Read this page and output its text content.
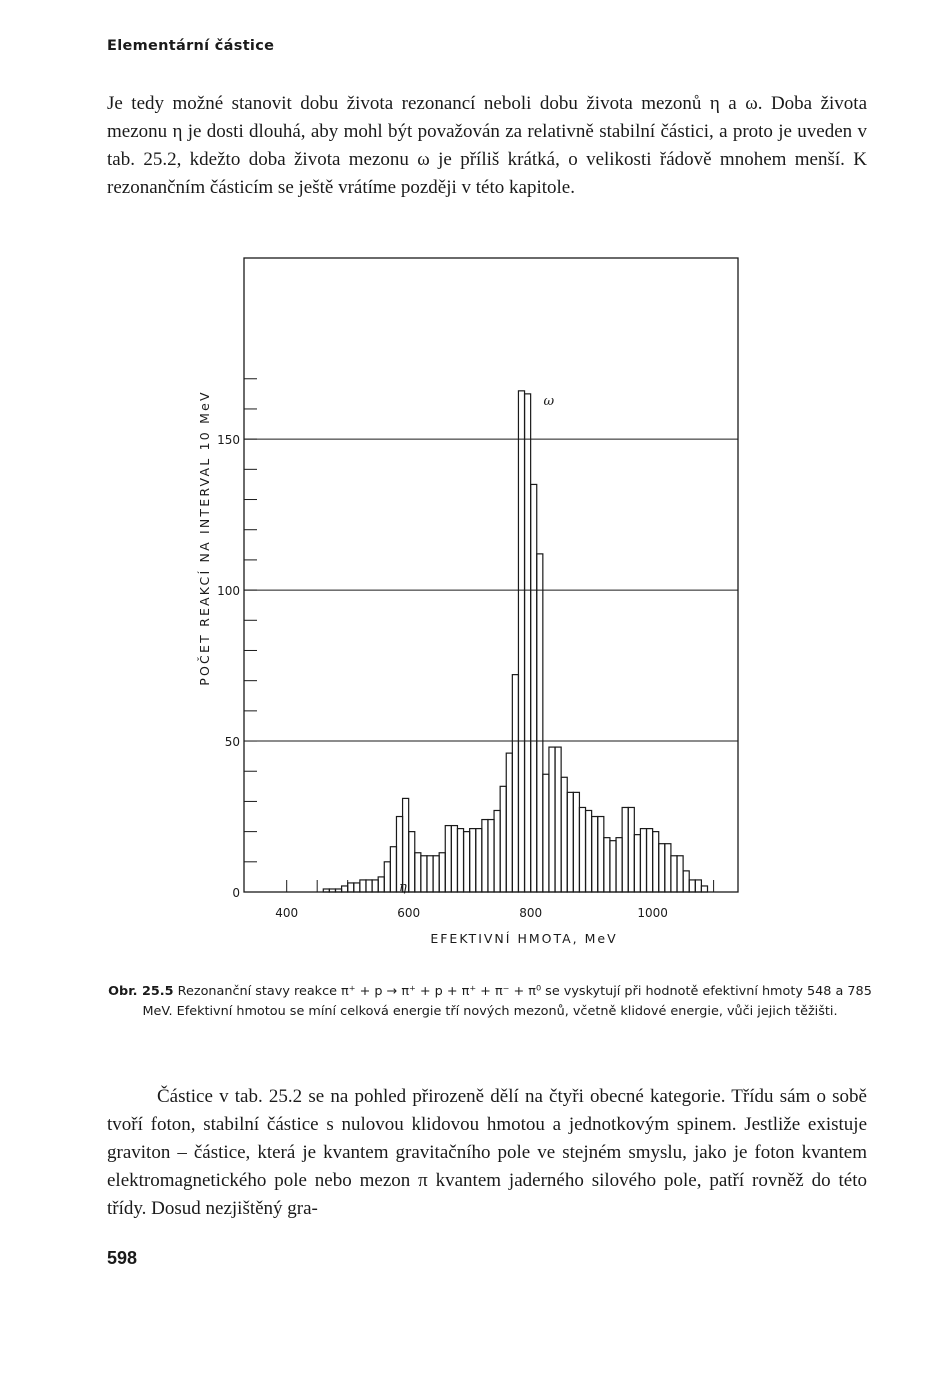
Elementární částice
Je tedy možné stanovit dobu života rezonancí neboli dobu života mezonů η a ω. Doba života mezonu η je dosti dlouhá, aby mohl být považován za relativně stabilní částici, a proto je uveden v tab. 25.2, kdežto doba života mezonu ω je příliš krátká, o velikosti řádově mnohem menší. K rezonančním částicím se ještě vrátíme později v této kapitole.
0
50
100
150
400	600	800	1000
EFEKTIVNÍ HMOTA, MeV
POČET REAKCÍ NA INTERVAL 10 MeV
η
ω
Obr. 25.5 Rezonanční stavy reakce π⁺ + p → π⁺ + p + π⁺ + π⁻ + π⁰ se vyskytují při hodnotě efektivní hmoty 548 a 785 MeV. Efektivní hmotou se míní celková energie tří nových mezonů, včetně klidové energie, vůči jejich těžišti.
Částice v tab. 25.2 se na pohled přirozeně dělí na čtyři obecné kategorie. Třídu sám o sobě tvoří foton, stabilní částice s nulovou klidovou hmotou a jednotkovým spinem. Jestliže existuje graviton – částice, která je kvantem gravitačního pole ve stejném smyslu, jako je foton kvantem elektromagnetického pole nebo mezon π kvantem jaderného silového pole, patří rovněž do této třídy. Dosud nezjištěný gra-
598
